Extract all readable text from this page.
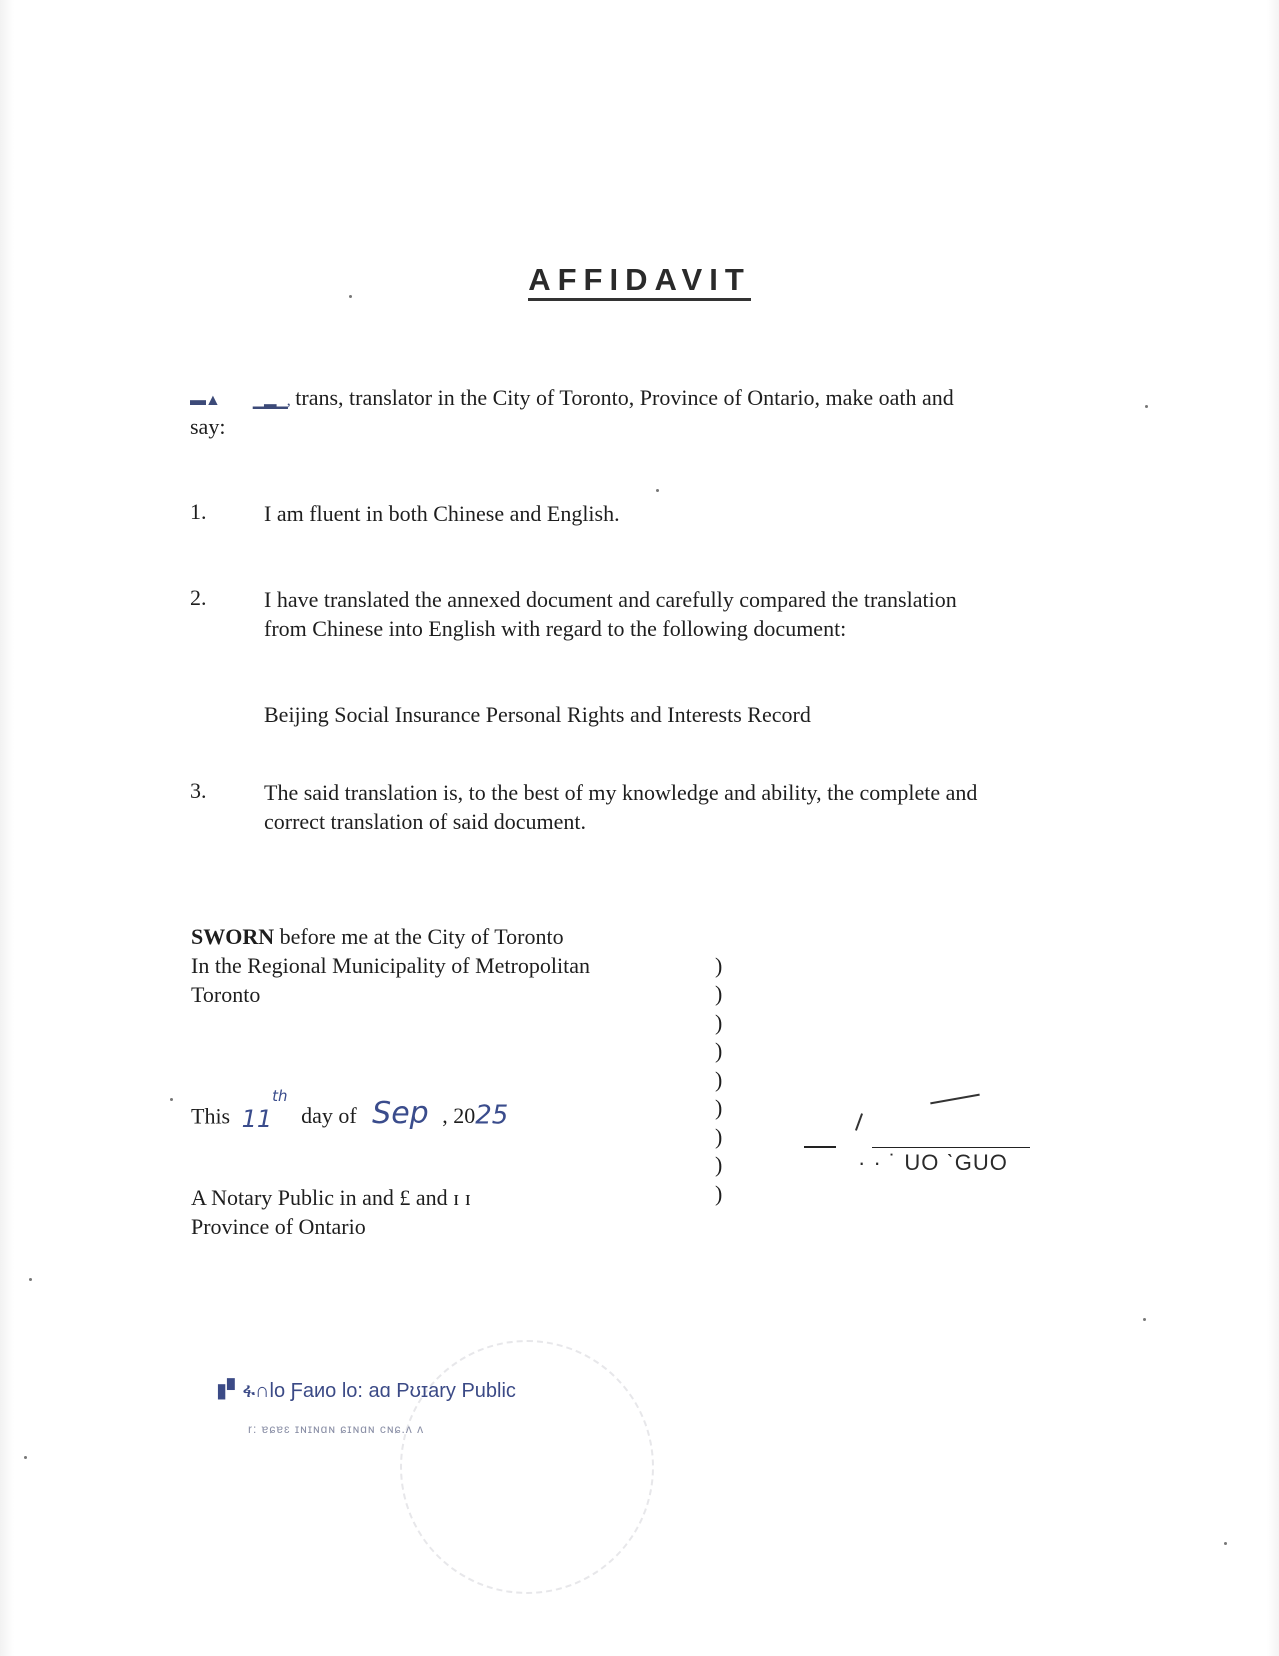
AFFIDAVIT
▬▲ ▁▂▁, trans, translator in the City of Toronto, Province of Ontario, make oath and
say:
1.	I am fluent in both Chinese and English.
2.	I have translated the annexed document and carefully compared the translation
from Chinese into English with regard to the following document:
Beijing Social Insurance Personal Rights and Interests Record
3.	The said translation is, to the best of my knowledge and ability, the complete and
correct translation of said document.
SWORN before me at the City of Toronto
In the Regional Municipality of Metropolitan
Toronto
This 11th day of Sep , 2025
A Notary Public in and £ and ɪ ɪ
Province of Ontario
)
)
)
)
)
)
)
)
)
· · ˙ UO ˋGUO
▮▘ፋ∩lo Ƒaᴎo lo: aɑ Pʊɪary Public
r: ɐɕɐɛ ɪɴɪɴɑɴ ɕɪɴɑɴ ᴄɴɕ.ᴧ ᴧ
